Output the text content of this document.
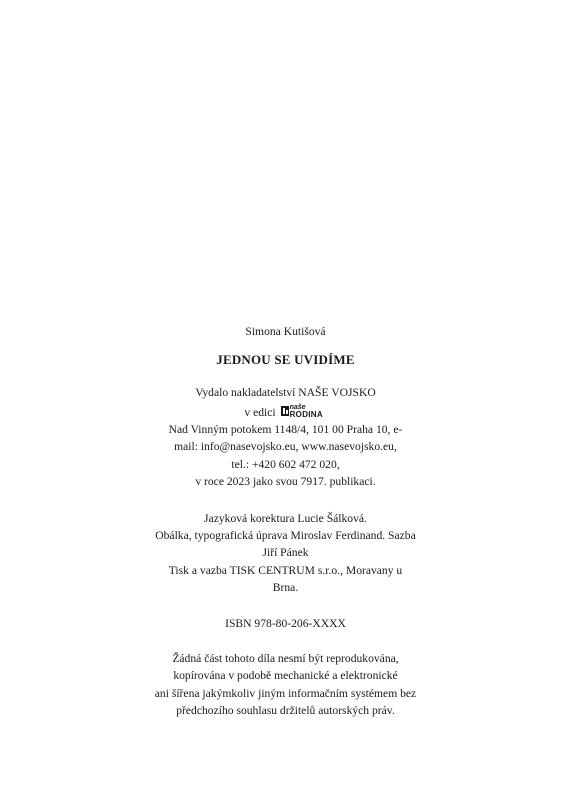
Simona Kutišová
JEDNOU SE UVIDÍME
Vydalo nakladatelství NAŠE VOJSKO
v edici naše
RODINA
Nad Vinným potokem 1148/4, 101 00 Praha 10, e-
mail: info@nasevojsko.eu, www.nasevojsko.eu,
tel.: +420 602 472 020,
v roce 2023 jako svou 7917. publikaci.
Jazyková korektura Lucie Šálková.
Obálka, typografická úprava Miroslav Ferdinand. Sazba
Jiří Pánek
Tisk a vazba TISK CENTRUM s.r.o., Moravany u
Brna.
ISBN 978-80-206-XXXX
Žádná část tohoto díla nesmí být reprodukována,
kopírována v podobě mechanické a elektronické
ani šířena jakýmkoliv jiným informačním systémem bez
předchozího souhlasu držitelů autorských práv.
